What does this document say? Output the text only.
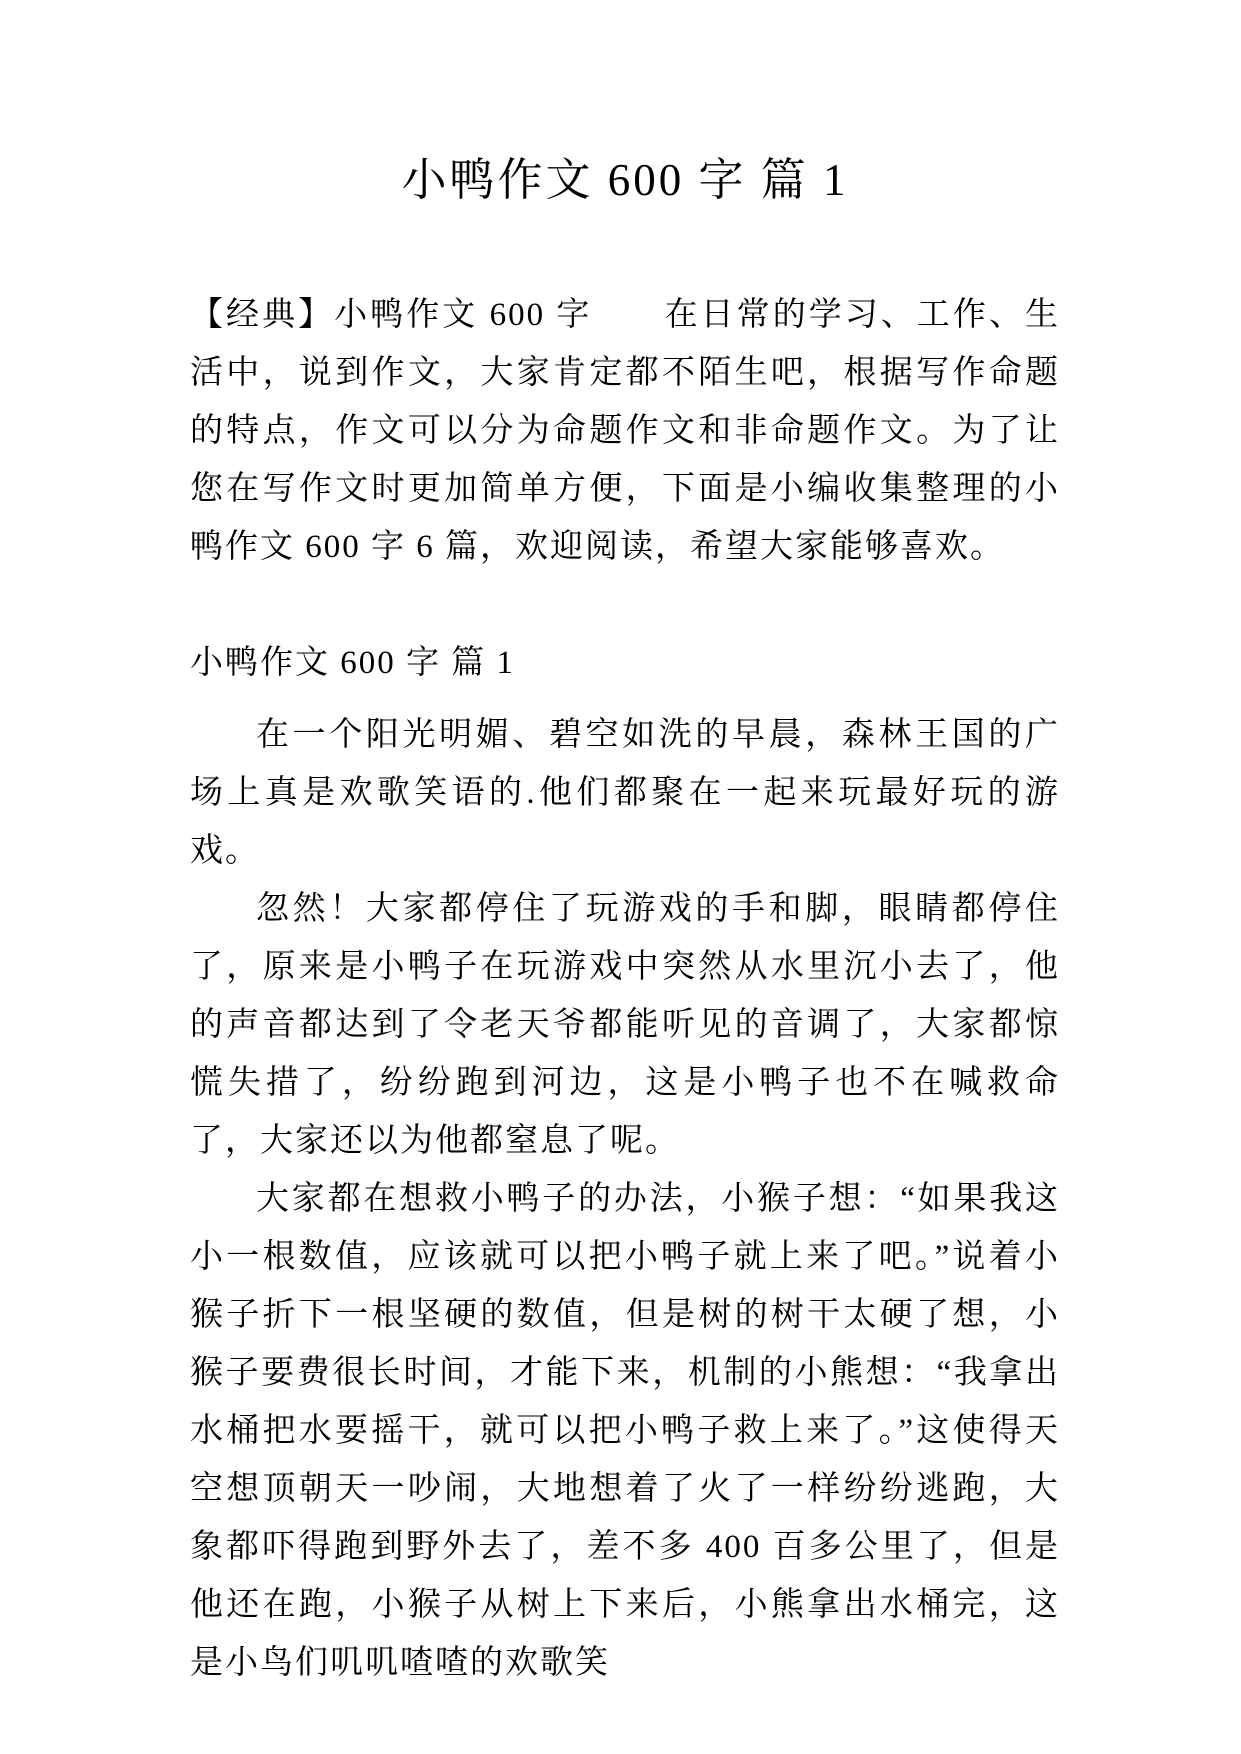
小鸭作文 600 字 篇 1

【经典】小鸭作文 600 字　　在日常的学习、工作、生活中，说到作文，大家肯定都不陌生吧，根据写作命题的特点，作文可以分为命题作文和非命题作文。为了让您在写作文时更加简单方便，下面是小编收集整理的小鸭作文 600 字 6 篇，欢迎阅读，希望大家能够喜欢。

小鸭作文 600 字 篇 1

在一个阳光明媚、碧空如洗的早晨，森林王国的广场上真是欢歌笑语的.他们都聚在一起来玩最好玩的游戏。

忽然！大家都停住了玩游戏的手和脚，眼睛都停住了，原来是小鸭子在玩游戏中突然从水里沉小去了，他的声音都达到了令老天爷都能听见的音调了，大家都惊慌失措了，纷纷跑到河边，这是小鸭子也不在喊救命了，大家还以为他都窒息了呢。

大家都在想救小鸭子的办法，小猴子想：“如果我这小一根数值，应该就可以把小鸭子就上来了吧。”说着小猴子折下一根坚硬的数值，但是树的树干太硬了想，小猴子要费很长时间，才能下来，机制的小熊想：“我拿出水桶把水要摇干，就可以把小鸭子救上来了。”这使得天空想顶朝天一吵闹，大地想着了火了一样纷纷逃跑，大象都吓得跑到野外去了，差不多 400 百多公里了，但是他还在跑，小猴子从树上下来后，小熊拿出水桶完，这是小鸟们叽叽喳喳的欢歌笑
